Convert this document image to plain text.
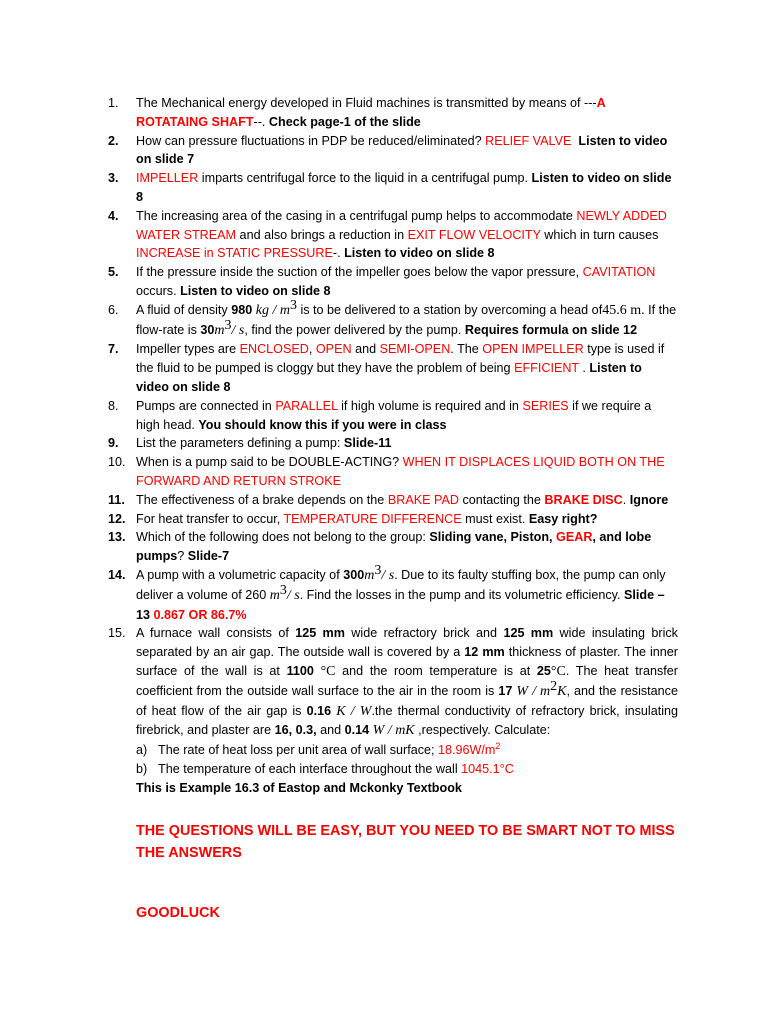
1.	The Mechanical energy developed in Fluid machines is transmitted by means of ---A ROTATAING SHAFT--. Check page-1 of the slide
2.	How can pressure fluctuations in PDP be reduced/eliminated? RELIEF VALVE Listen to video on slide 7
3.	IMPELLER imparts centrifugal force to the liquid in a centrifugal pump. Listen to video on slide 8
4.	The increasing area of the casing in a centrifugal pump helps to accommodate NEWLY ADDED WATER STREAM and also brings a reduction in EXIT FLOW VELOCITY which in turn causes INCREASE in STATIC PRESSURE-. Listen to video on slide 8
5.	If the pressure inside the suction of the impeller goes below the vapor pressure, CAVITATION occurs. Listen to video on slide 8
6.	A fluid of density 980 kg / $m^3$ is to be delivered to a station by overcoming a head of45.6 m. If the flow-rate is $30m^3/$ s, find the power delivered by the pump. Requires formula on slide 12
7.	Impeller types are ENCLOSED, OPEN and SEMI-OPEN. The OPEN IMPELLER type is used if the fluid to be pumped is cloggy but they have the problem of being EFFICIENT . Listen to video on slide 8
8.	Pumps are connected in PARALLEL if high volume is required and in SERIES if we require a high head. You should know this if you were in class
9.	List the parameters defining a pump: Slide-11
10. When is a pump said to be DOUBLE-ACTING? WHEN IT DISPLACES LIQUID BOTH ON THE FORWARD AND RETURN STROKE
11. The effectiveness of a brake depends on the BRAKE PAD contacting the BRAKE DISC. Ignore
12. For heat transfer to occur, TEMPERATURE DIFFERENCE must exist. Easy right?
13. Which of the following does not belong to the group: Sliding vane, Piston, GEAR, and lobe pumps? Slide-7
14. A pump with a volumetric capacity of $300m^3/$ s. Due to its faulty stuffing box, the pump can only deliver a volume of 260 $m^3/$ s. Find the losses in the pump and its volumetric efficiency. Slide – 13 0.867 OR 86.7%
15. A furnace wall consists of 125 mm wide refractory brick and 125 mm wide insulating brick separated by an air gap. The outside wall is covered by a 12 mm thickness of plaster. The inner surface of the wall is at 1100 °C and the room temperature is at 25°C. The heat transfer coefficient from the outside wall surface to the air in the room is 17 W / $m^2K$, and the resistance of heat flow of the air gap is 0.16 K / W.the thermal conductivity of refractory brick, insulating firebrick, and plaster are 16, 0.3, and 0.14 W / mK ,respectively. Calculate:
a) The rate of heat loss per unit area of wall surface; $18.96W/m^2$
b) The temperature of each interface throughout the wall 1045.1°C
This is Example 16.3 of Eastop and Mckonky Textbook
THE QUESTIONS WILL BE EASY, BUT YOU NEED TO BE SMART NOT TO MISS THE ANSWERS
GOODLUCK
